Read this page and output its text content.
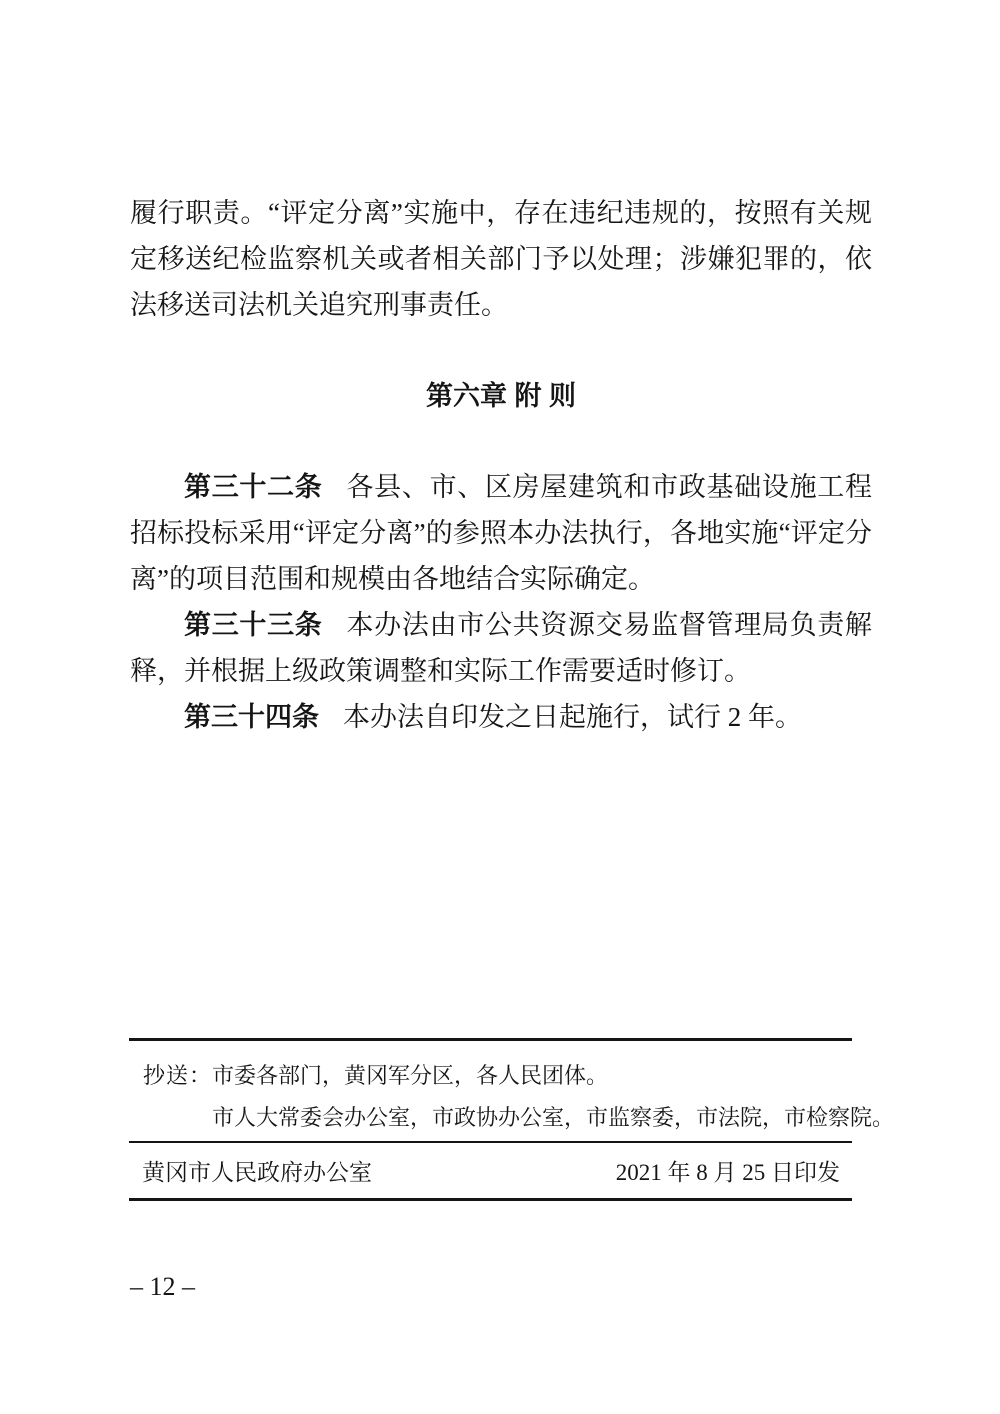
履行职责。“评定分离”实施中，存在违纪违规的，按照有关规定移送纪检监察机关或者相关部门予以处理；涉嫌犯罪的，依法移送司法机关追究刑事责任。

第六章 附 则

第三十二条 各县、市、区房屋建筑和市政基础设施工程招标投标采用“评定分离”的参照本办法执行，各地实施“评定分离”的项目范围和规模由各地结合实际确定。

第三十三条 本办法由市公共资源交易监督管理局负责解释，并根据上级政策调整和实际工作需要适时修订。

第三十四条 本办法自印发之日起施行，试行 2 年。

抄送：市委各部门，黄冈军分区，各人民团体。
市人大常委会办公室，市政协办公室，市监察委，市法院，市检察院。
黄冈市人民政府办公室	2021 年 8 月 25 日印发
– 12 –
